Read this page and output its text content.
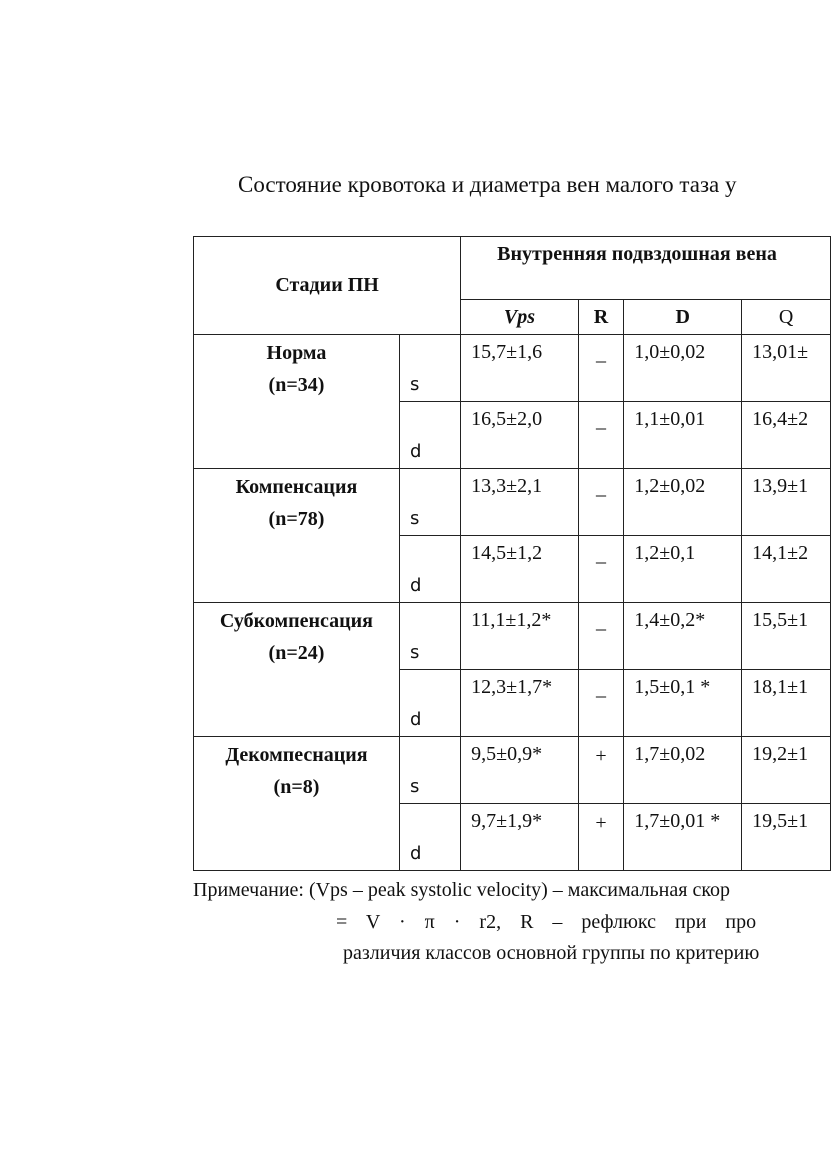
Состояние кровотока и диаметра вен малого таза у
Стадии ПН		Внутренняя подвздошная вена			
		Vps	R	D	Q

Норма
(n=34)	s	15,7±1,6	_	1,0±0,02	13,01±
	d	16,5±2,0	_	1,1±0,01	16,4±2

Компенсация
(n=78)	s	13,3±2,1	_	1,2±0,02	13,9±1
	d	14,5±1,2	_	1,2±0,1	14,1±2

Субкомпенсация
(n=24)	s	11,1±1,2*	_	1,4±0,2*	15,5±1
	d	12,3±1,7*	_	1,5±0,1 *	18,1±1

Декомпеснация
(n=8)	s	9,5±0,9*	+	1,7±0,02	19,2±1
	d	9,7±1,9*	+	1,7±0,01 *	19,5±1
Примечание: (Vps – peak systolic velocity) – максимальная скор
= V · π · r2, R – рефлюкс при про
различия классов основной группы по критерию
